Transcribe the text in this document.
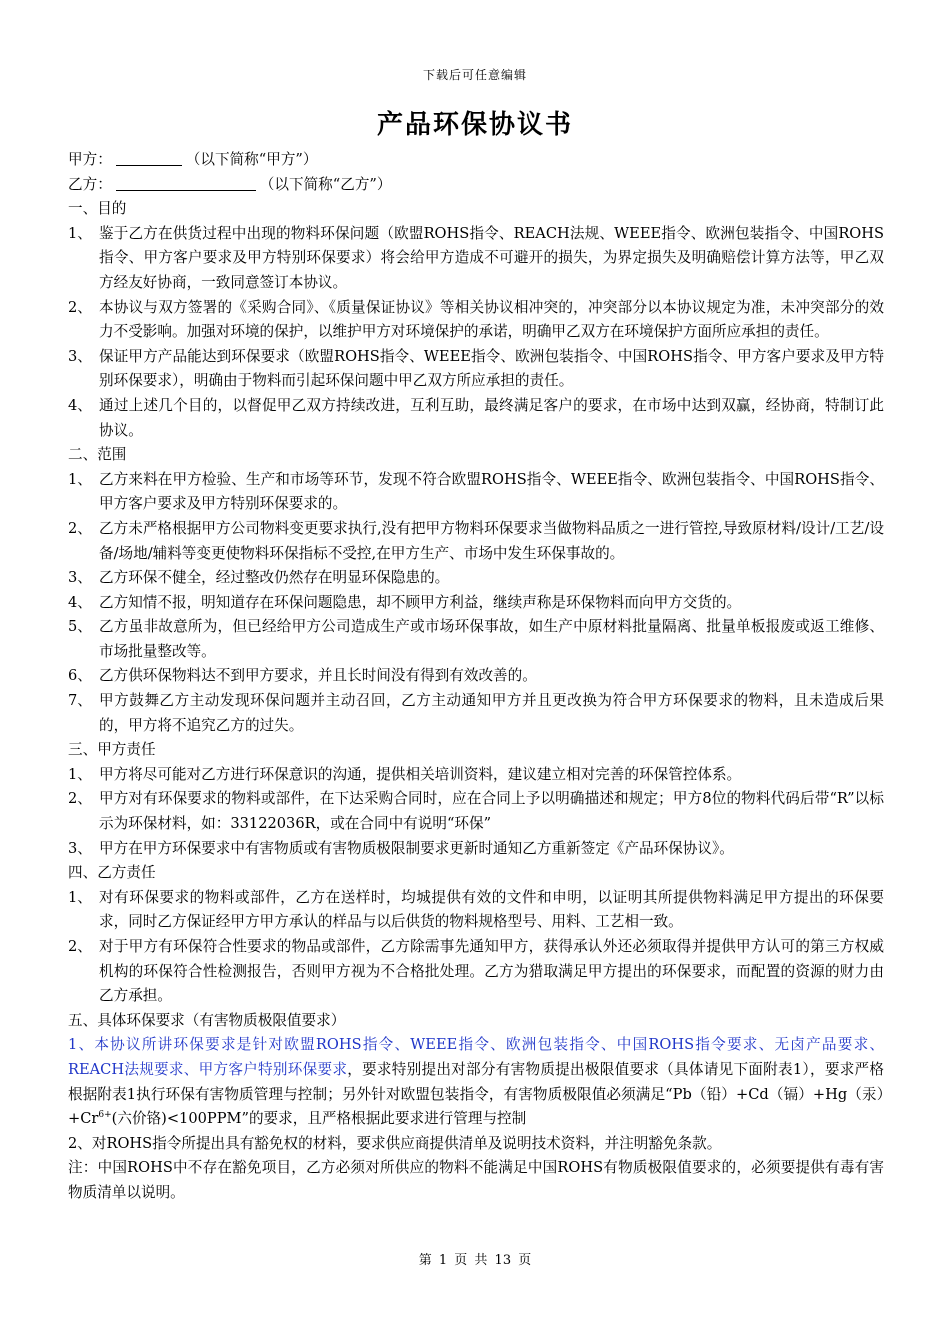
下载后可任意编辑
产品环保协议书
甲方：	（以下简称“甲方”）
乙方：	（以下简称“乙方”）
一、目的
1、 鉴于乙方在供货过程中出现的物料环保问题（欧盟ROHS指令、REACH法规、WEEE指令、欧洲包装指令、中国ROHS指令、甲方客户要求及甲方特别环保要求）将会给甲方造成不可避开的损失，为界定损失及明确赔偿计算方法等，甲乙双方经友好协商，一致同意签订本协议。
2、 本协议与双方签署的《采购合同》、《质量保证协议》等相关协议相冲突的，冲突部分以本协议规定为准，未冲突部分的效力不受影响。加强对环境的保护，以维护甲方对环境保护的承诺，明确甲乙双方在环境保护方面所应承担的责任。
3、 保证甲方产品能达到环保要求（欧盟ROHS指令、WEEE指令、欧洲包装指令、中国ROHS指令、甲方客户要求及甲方特别环保要求），明确由于物料而引起环保问题中甲乙双方所应承担的责任。
4、 通过上述几个目的，以督促甲乙双方持续改进，互利互助，最终满足客户的要求，在市场中达到双赢，经协商，特制订此协议。
二、范围
1、 乙方来料在甲方检验、生产和市场等环节，发现不符合欧盟ROHS指令、WEEE指令、欧洲包装指令、中国ROHS指令、甲方客户要求及甲方特别环保要求的。
2、 乙方未严格根据甲方公司物料变更要求执行,没有把甲方物料环保要求当做物料品质之一进行管控,导致原材料/设计/工艺/设备/场地/辅料等变更使物料环保指标不受控,在甲方生产、市场中发生环保事故的。
3、 乙方环保不健全，经过整改仍然存在明显环保隐患的。
4、 乙方知情不报，明知道存在环保问题隐患，却不顾甲方利益，继续声称是环保物料而向甲方交货的。
5、 乙方虽非故意所为，但已经给甲方公司造成生产或市场环保事故，如生产中原材料批量隔离、批量单板报废或返工维修、市场批量整改等。
6、 乙方供环保物料达不到甲方要求，并且长时间没有得到有效改善的。
7、 甲方鼓舞乙方主动发现环保问题并主动召回，乙方主动通知甲方并且更改换为符合甲方环保要求的物料，且未造成后果的，甲方将不追究乙方的过失。
三、甲方责任
1、 甲方将尽可能对乙方进行环保意识的沟通，提供相关培训资料，建议建立相对完善的环保管控体系。
2、 甲方对有环保要求的物料或部件，在下达采购合同时，应在合同上予以明确描述和规定；甲方8位的物料代码后带“R”以标示为环保材料，如：33122036R，或在合同中有说明“环保”
3、 甲方在甲方环保要求中有害物质或有害物质极限制要求更新时通知乙方重新签定《产品环保协议》。
四、乙方责任
1、 对有环保要求的物料或部件，乙方在送样时，均城提供有效的文件和申明，以证明其所提供物料满足甲方提出的环保要求，同时乙方保证经甲方甲方承认的样品与以后供货的物料规格型号、用料、工艺相一致。
2、 对于甲方有环保符合性要求的物品或部件，乙方除需事先通知甲方，获得承认外还必须取得并提供甲方认可的第三方权威机构的环保符合性检测报告，否则甲方视为不合格批处理。乙方为猎取满足甲方提出的环保要求，而配置的资源的财力由乙方承担。
五、具体环保要求（有害物质极限值要求）
1、本协议所讲环保要求是针对欧盟ROHS指令、WEEE指令、欧洲包装指令、中国ROHS指令要求、无卤产品要求、REACH法规要求、甲方客户特别环保要求，要求特别提出对部分有害物质提出极限值要求（具体请见下面附表1），要求严格根据附表1执行环保有害物质管理与控制；另外针对欧盟包装指令，有害物质极限值必须满足“Pb（铅）+Cd（镉）+Hg（汞）$+Cr^{6+}$(六价铬)<100PPM”的要求，且严格根据此要求进行管理与控制
2、对ROHS指令所提出具有豁免权的材料，要求供应商提供清单及说明技术资料，并注明豁免条款。
注：中国ROHS中不存在豁免项目，乙方必须对所供应的物料不能满足中国ROHS有物质极限值要求的，必须要提供有毒有害物质清单以说明。
第 1 页 共 13 页
